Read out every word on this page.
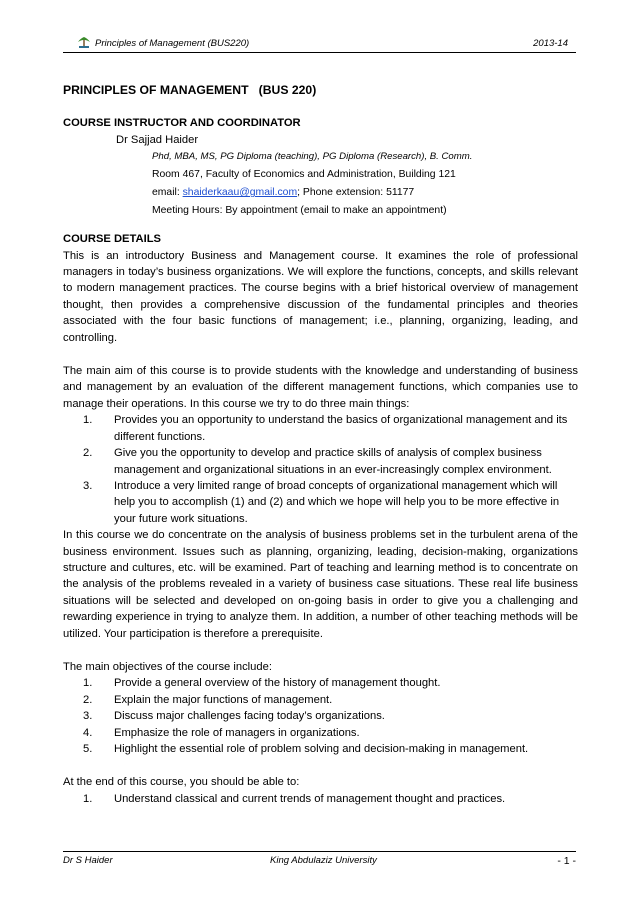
Principles of Management (BUS220)	2013-14

PRINCIPLES OF MANAGEMENT   (BUS 220)

COURSE INSTRUCTOR AND COORDINATOR

Dr Sajjad Haider

Phd, MBA, MS, PG Diploma (teaching), PG Diploma (Research), B. Comm.

Room 467, Faculty of Economics and Administration, Building 121

email: shaiderkaau@gmail.com; Phone extension: 51177

Meeting Hours: By appointment (email to make an appointment)

COURSE DETAILS

This is an introductory Business and Management course. It examines the role of professional managers in today’s business organizations. We will explore the functions, concepts, and skills relevant to modern management practices. The course begins with a brief historical overview of management thought, then provides a comprehensive discussion of the fundamental principles and theories associated with the four basic functions of management; i.e., planning, organizing, leading, and controlling.

The main aim of this course is to provide students with the knowledge and understanding of business and management by an evaluation of the different management functions, which companies use to manage their operations. In this course we try to do three main things:

1. Provides you an opportunity to understand the basics of organizational management and its different functions.
2. Give you the opportunity to develop and practice skills of analysis of complex business management and organizational situations in an ever-increasingly complex environment.
3. Introduce a very limited range of broad concepts of organizational management which will help you to accomplish (1) and (2) and which we hope will help you to be more effective in your future work situations.

In this course we do concentrate on the analysis of business problems set in the turbulent arena of the business environment. Issues such as planning, organizing, leading, decision-making, organizations structure and cultures, etc. will be examined. Part of teaching and learning method is to concentrate on the analysis of the problems revealed in a variety of business case situations. These real life business situations will be selected and developed on on-going basis in order to give you a challenging and rewarding experience in trying to analyze them. In addition, a number of other teaching methods will be utilized. Your participation is therefore a prerequisite.

The main objectives of the course include:

1. Provide a general overview of the history of management thought.
2. Explain the major functions of management.
3. Discuss major challenges facing today’s organizations.
4. Emphasize the role of managers in organizations.
5. Highlight the essential role of problem solving and decision-making in management.

At the end of this course, you should be able to:

1. Understand classical and current trends of management thought and practices.
Dr S Haider	King Abdulaziz University	- 1 -
